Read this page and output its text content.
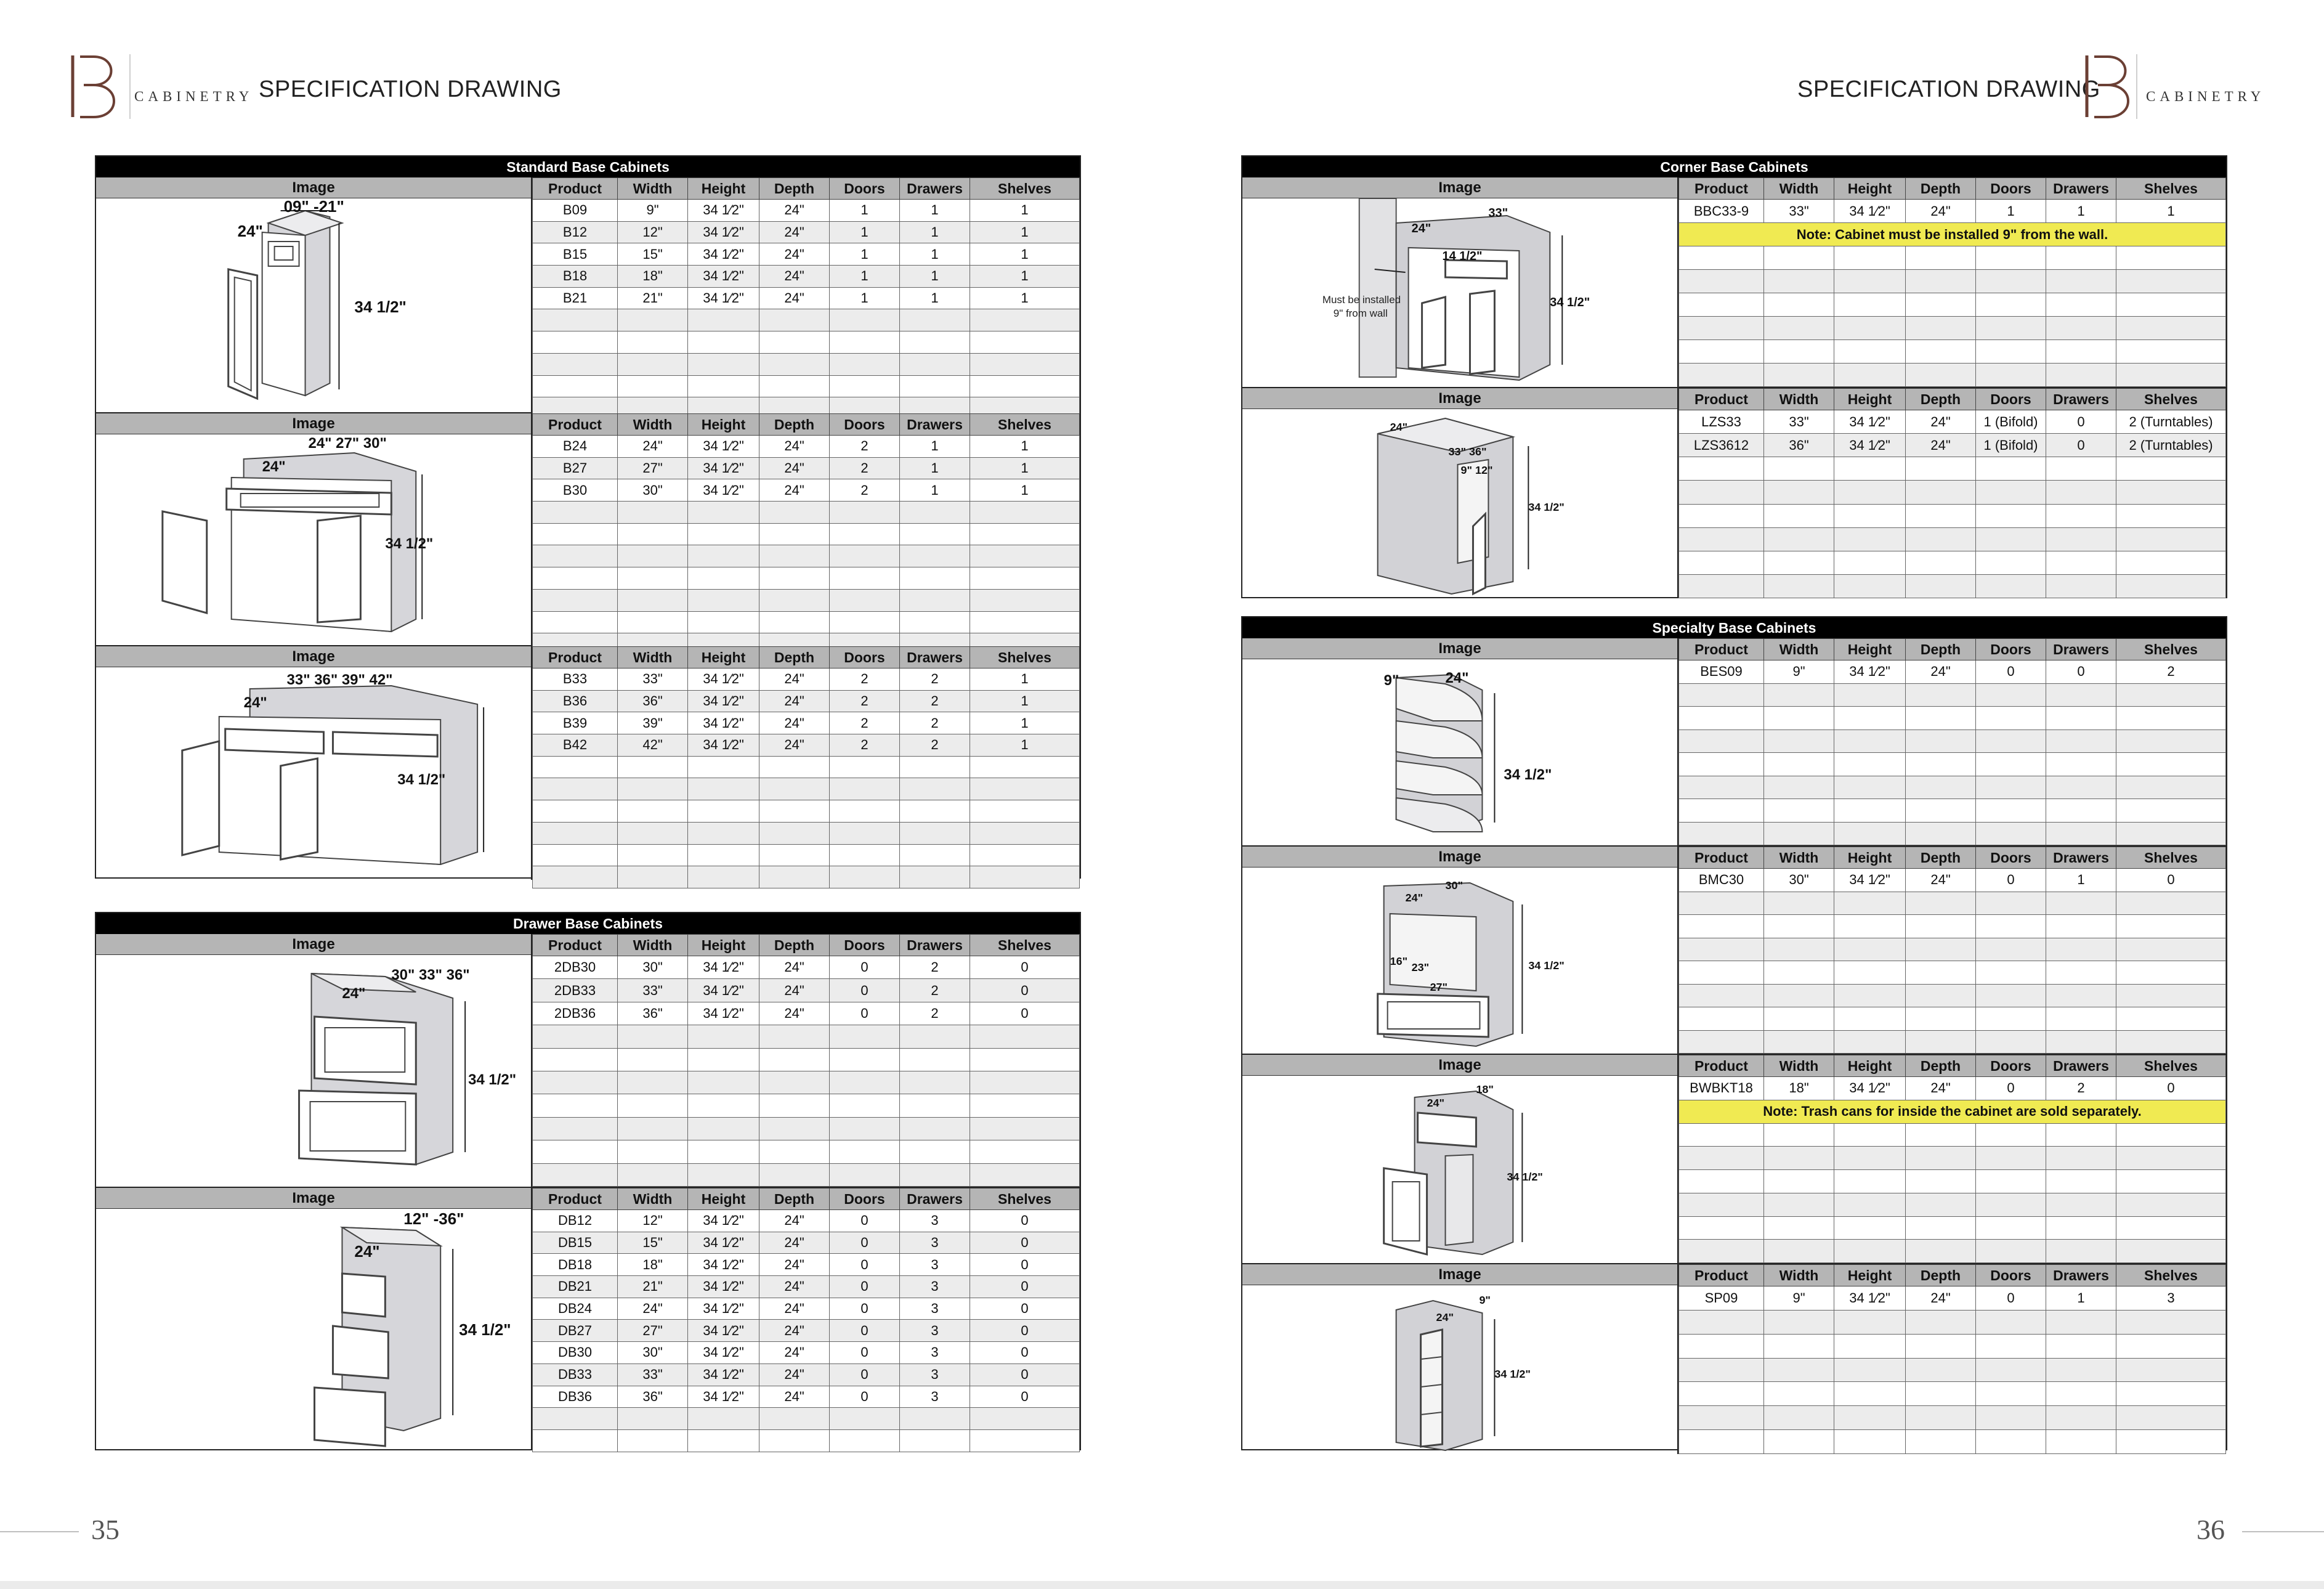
CABINETRY SPECIFICATION DRAWING	SPECIFICATION DRAWING	CABINETRY
Standard Base Cabinets
Image
09" -21"
24"
34 1/2"
Product	Width	Height	Depth	Doors	Drawers	Shelves
B09	9"	34 1⁄2"	24"	1	1	1
B12	12"	34 1⁄2"	24"	1	1	1
B15	15"	34 1⁄2"	24"	1	1	1
B18	18"	34 1⁄2"	24"	1	1	1
B21	21"	34 1⁄2"	24"	1	1	1

Image
24" 27" 30"
24"
34 1/2"
Product	Width	Height	Depth	Doors	Drawers	Shelves
B24	24"	34 1⁄2"	24"	2	1	1
B27	27"	34 1⁄2"	24"	2	1	1
B30	30"	34 1⁄2"	24"	2	1	1

Image
33" 36" 39" 42"
24"
34 1/2"
Product	Width	Height	Depth	Doors	Drawers	Shelves
B33	33"	34 1⁄2"	24"	2	2	1
B36	36"	34 1⁄2"	24"	2	2	1
B39	39"	34 1⁄2"	24"	2	2	1
B42	42"	34 1⁄2"	24"	2	2	1

Drawer Base Cabinets
Image
30" 33" 36"
24"
34 1/2"
Product	Width	Height	Depth	Doors	Drawers	Shelves
2DB30	30"	34 1⁄2"	24"	0	2	0
2DB33	33"	34 1⁄2"	24"	0	2	0
2DB36	36"	34 1⁄2"	24"	0	2	0

Image
12" -36"
24"
34 1/2"
Product	Width	Height	Depth	Doors	Drawers	Shelves
DB12	12"	34 1⁄2"	24"	0	3	0
DB15	15"	34 1⁄2"	24"	0	3	0
DB18	18"	34 1⁄2"	24"	0	3	0
DB21	21"	34 1⁄2"	24"	0	3	0
DB24	24"	34 1⁄2"	24"	0	3	0
DB27	27"	34 1⁄2"	24"	0	3	0
DB30	30"	34 1⁄2"	24"	0	3	0
DB33	33"	34 1⁄2"	24"	0	3	0
DB36	36"	34 1⁄2"	24"	0	3	0

Corner Base Cabinets
Image
33"
24"
14 1/2"
34 1/2"
Must be installed
9" from wall
Product	Width	Height	Depth	Doors	Drawers	Shelves
BBC33-9	33"	34 1⁄2"	24"	1	1	1
Note: Cabinet must be installed 9" from the wall.						

Image
33" 36"
24"
9" 12"
34 1/2"
Product	Width	Height	Depth	Doors	Drawers	Shelves
LZS33	33"	34 1⁄2"	24"	1 (Bifold)	0	2 (Turntables)
LZS3612	36"	34 1⁄2"	24"	1 (Bifold)	0	2 (Turntables)

Specialty Base Cabinets
Image
9"	24"
34 1/2"
Product	Width	Height	Depth	Doors	Drawers	Shelves
BES09	9"	34 1⁄2"	24"	0	0	2

Image
30"
24"
16" 23"
27"
34 1/2"
Product	Width	Height	Depth	Doors	Drawers	Shelves
BMC30	30"	34 1⁄2"	24"	0	1	0

Image
18"
24"
34 1/2"
Product	Width	Height	Depth	Doors	Drawers	Shelves
BWBKT18	18"	34 1⁄2"	24"	0	2	0
Note: Trash cans for inside the cabinet are sold separately.						

Image
9"
24"
34 1/2"
Product	Width	Height	Depth	Doors	Drawers	Shelves
SP09	9"	34 1⁄2"	24"	0	1	3

35	36
